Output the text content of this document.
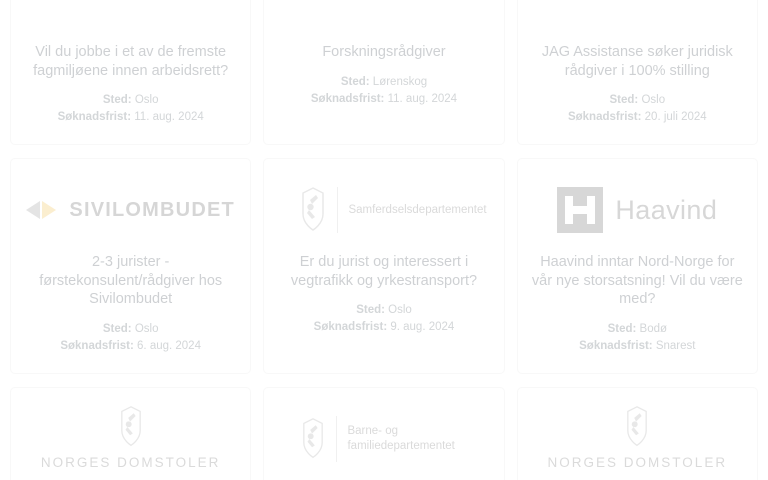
Vil du jobbe i et av de fremste fagmiljøene innen arbeidsrett?
Sted: Oslo
Søknadsfrist: 11. aug. 2024
Forskningsrådgiver
Sted: Lørenskog
Søknadsfrist: 11. aug. 2024
JAG Assistanse søker juridisk rådgiver i 100% stilling
Sted: Oslo
Søknadsfrist: 20. juli 2024
SIVILOMBUDET
2-3 jurister - førstekonsulent/rådgiver hos Sivilombudet
Sted: Oslo
Søknadsfrist: 6. aug. 2024
Samferdselsdepartementet
Er du jurist og interessert i vegtrafikk og yrkestransport?
Sted: Oslo
Søknadsfrist: 9. aug. 2024
Haavind
Haavind inntar Nord-Norge for vår nye storsatsning! Vil du være med?
Sted: Bodø
Søknadsfrist: Snarest
NORGES DOMSTOLER
Barne- og familiedepartementet
NORGES DOMSTOLER
